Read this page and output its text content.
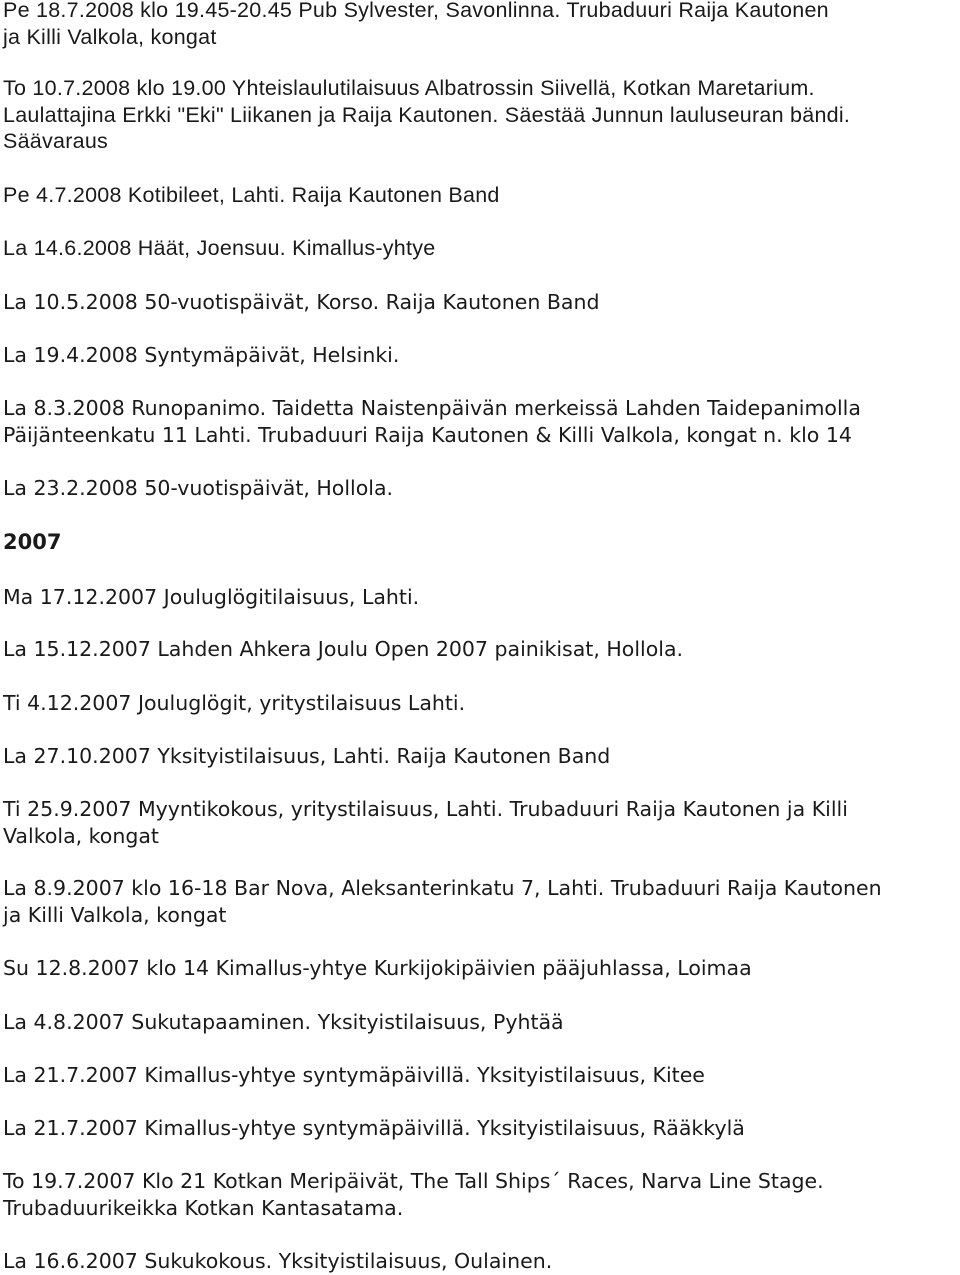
Pe 18.7.2008 klo 19.45-20.45 Pub Sylvester, Savonlinna. Trubaduuri Raija Kautonen
ja Killi Valkola, kongat

To 10.7.2008 klo 19.00 Yhteislaulutilaisuus Albatrossin Siivellä, Kotkan Maretarium.
Laulattajina Erkki "Eki" Liikanen ja Raija Kautonen. Säestää Junnun lauluseuran bändi.
Säävaraus

Pe 4.7.2008 Kotibileet, Lahti. Raija Kautonen Band

La 14.6.2008 Häät, Joensuu. Kimallus-yhtye

La 10.5.2008 50-vuotispäivät, Korso. Raija Kautonen Band

La 19.4.2008 Syntymäpäivät, Helsinki.

La 8.3.2008 Runopanimo. Taidetta Naistenpäivän merkeissä Lahden Taidepanimolla
Päijänteenkatu 11 Lahti. Trubaduuri Raija Kautonen & Killi Valkola, kongat n. klo 14

La 23.2.2008 50-vuotispäivät, Hollola.

2007

Ma 17.12.2007 Jouluglögitilaisuus, Lahti.

La 15.12.2007 Lahden Ahkera Joulu Open 2007 painikisat, Hollola.

Ti 4.12.2007 Jouluglögit, yritystilaisuus Lahti.

La 27.10.2007 Yksityistilaisuus, Lahti. Raija Kautonen Band

Ti 25.9.2007 Myyntikokous, yritystilaisuus, Lahti. Trubaduuri Raija Kautonen ja Killi
Valkola, kongat

La 8.9.2007 klo 16-18 Bar Nova, Aleksanterinkatu 7, Lahti. Trubaduuri Raija Kautonen
ja Killi Valkola, kongat

Su 12.8.2007 klo 14 Kimallus-yhtye Kurkijokipäivien pääjuhlassa, Loimaa

La 4.8.2007 Sukutapaaminen. Yksityistilaisuus, Pyhtää

La 21.7.2007 Kimallus-yhtye syntymäpäivillä. Yksityistilaisuus, Kitee

La 21.7.2007 Kimallus-yhtye syntymäpäivillä. Yksityistilaisuus, Rääkkylä

To 19.7.2007 Klo 21 Kotkan Meripäivät, The Tall Ships´ Races, Narva Line Stage.
Trubaduurikeikka Kotkan Kantasatama.

La 16.6.2007 Sukukokous. Yksityistilaisuus, Oulainen.
